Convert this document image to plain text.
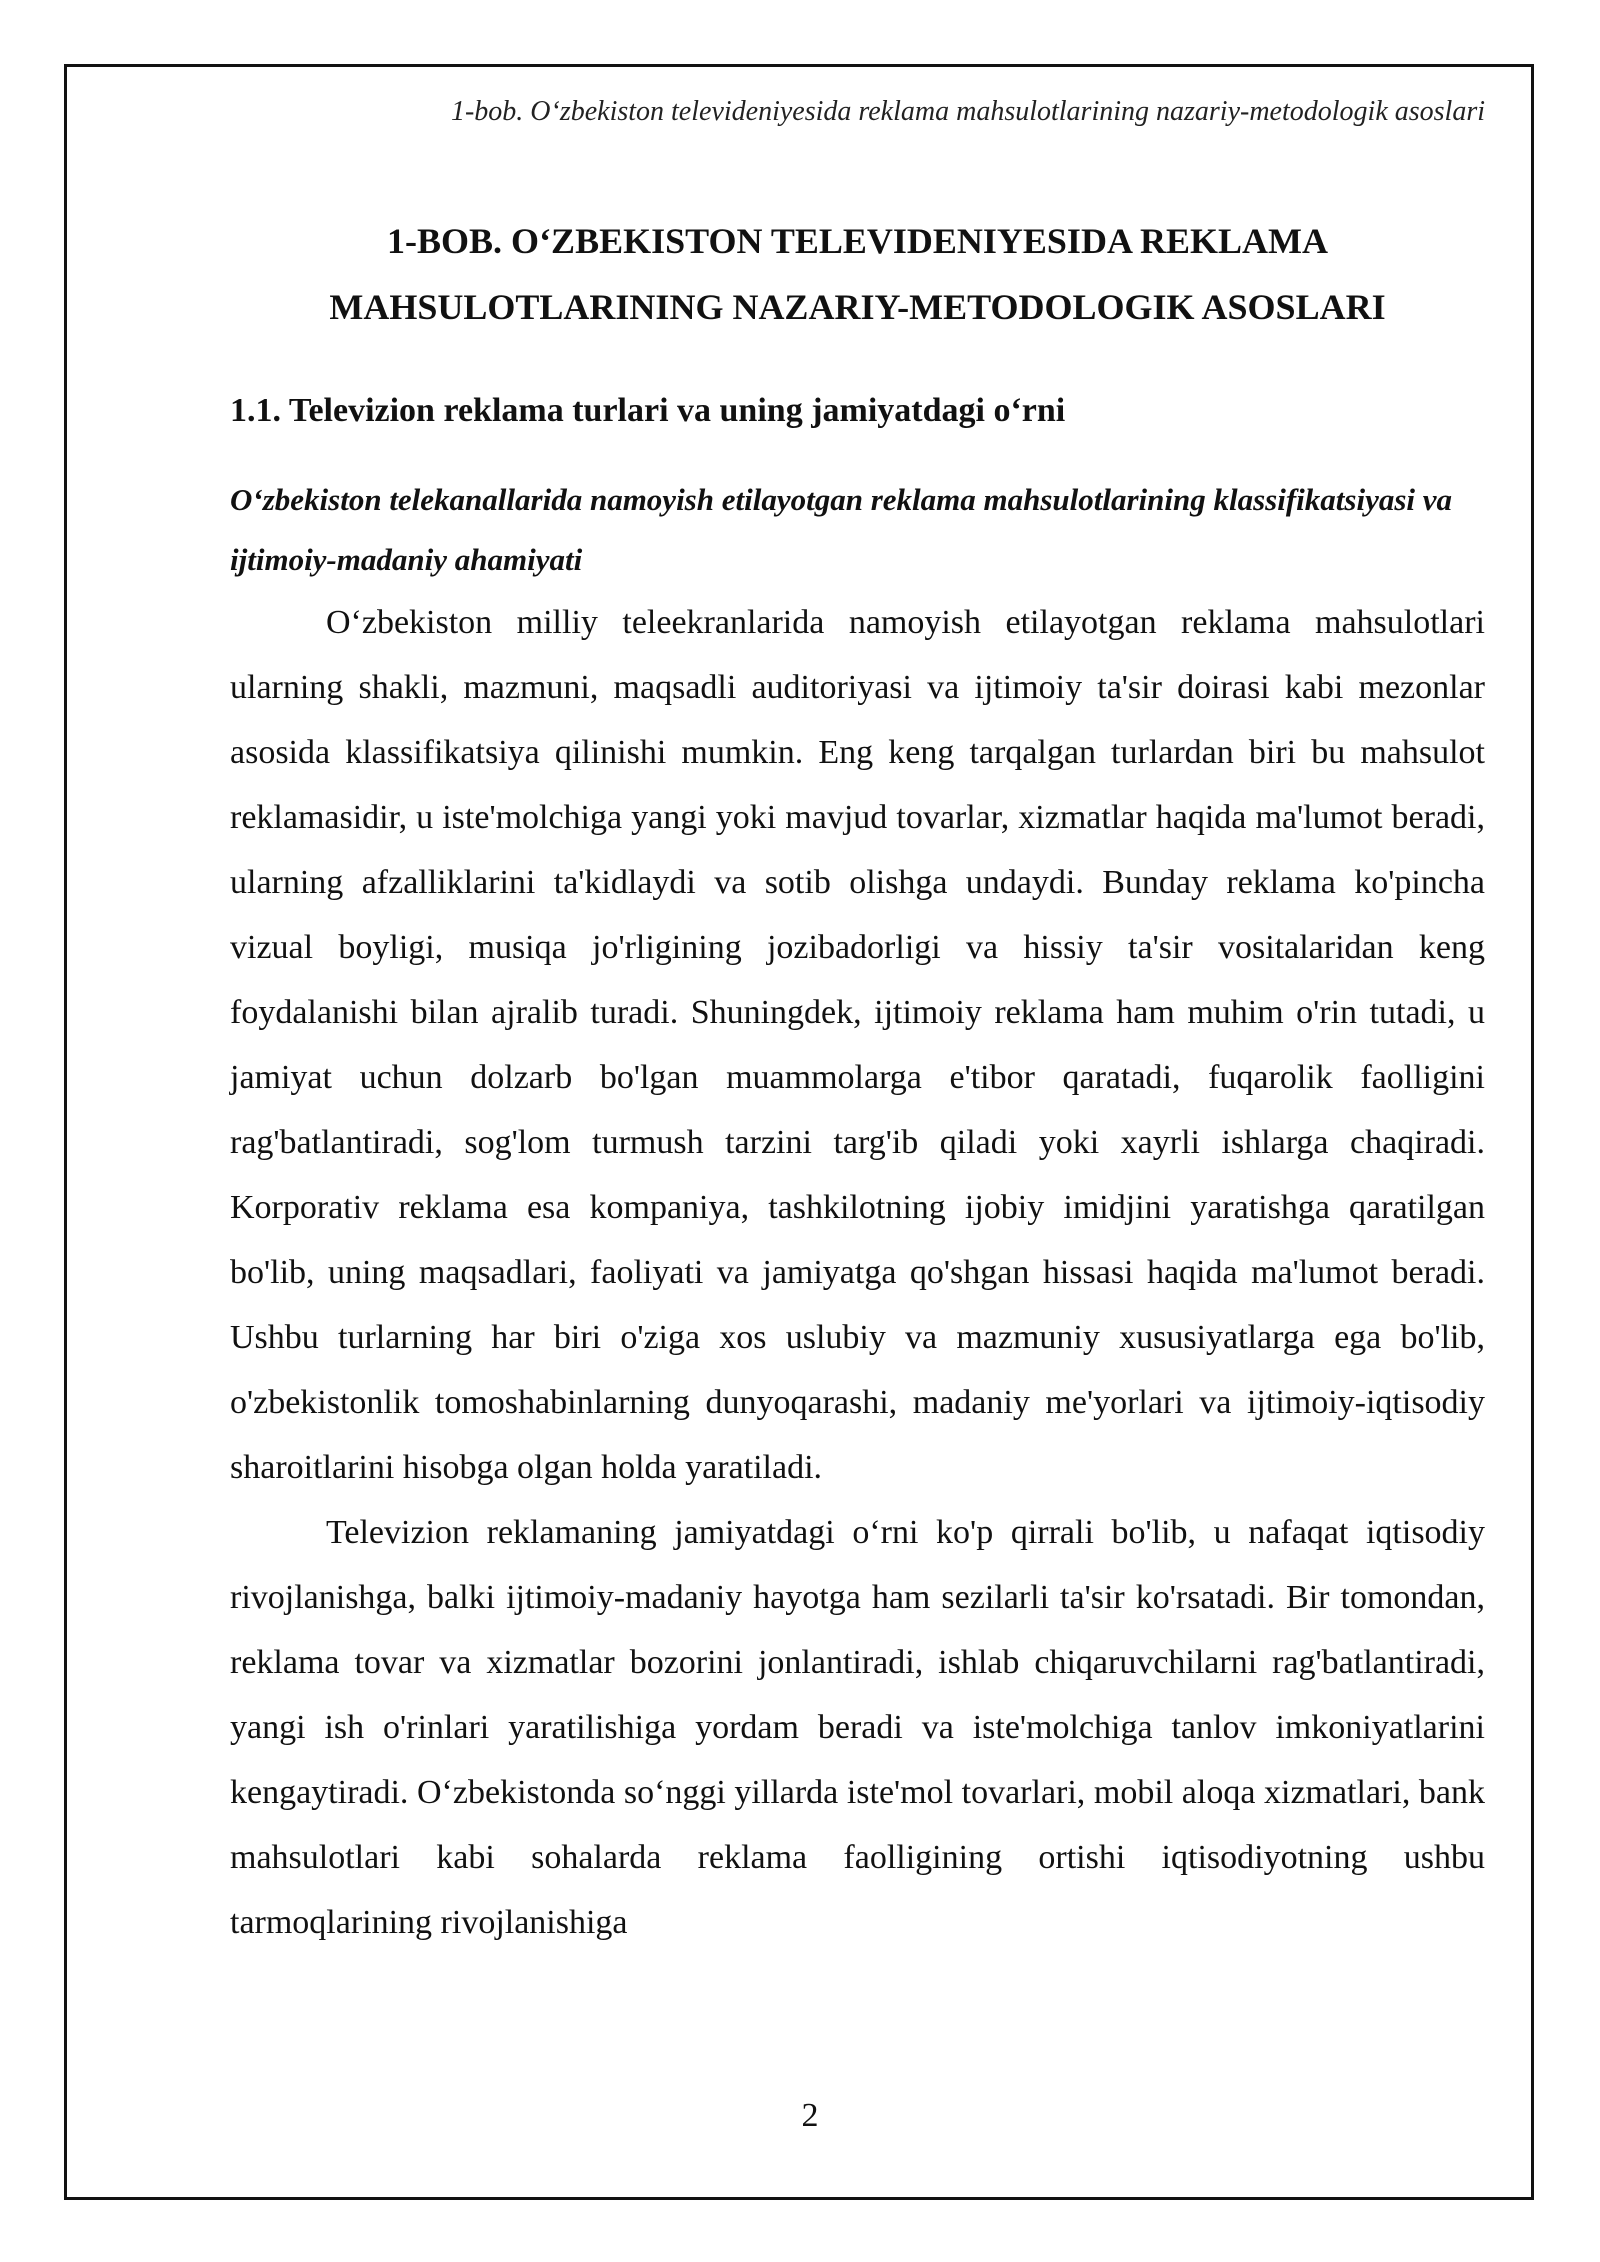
1-bob. O‘zbekiston televideniyesida reklama mahsulotlarining nazariy-metodologik asoslari
1-BOB. O‘ZBEKISTON TELEVIDENIYESIDA REKLAMA
MAHSULOTLARINING NAZARIY-METODOLOGIK ASOSLARI
1.1. Televizion reklama turlari va uning jamiyatdagi o‘rni
O‘zbekiston telekanallarida namoyish etilayotgan reklama mahsulotlarining klassifikatsiyasi va ijtimoiy-madaniy ahamiyati

O‘zbekiston milliy teleekranlarida namoyish etilayotgan reklama mahsulotlari ularning shakli, mazmuni, maqsadli auditoriyasi va ijtimoiy ta'sir doirasi kabi mezonlar asosida klassifikatsiya qilinishi mumkin. Eng keng tarqalgan turlardan biri bu mahsulot reklamasidir, u iste'molchiga yangi yoki mavjud tovarlar, xizmatlar haqida ma'lumot beradi, ularning afzalliklarini ta'kidlaydi va sotib olishga undaydi. Bunday reklama ko'pincha vizual boyligi, musiqa jo'rligining jozibadorligi va hissiy ta'sir vositalaridan keng foydalanishi bilan ajralib turadi. Shuningdek, ijtimoiy reklama ham muhim o'rin tutadi, u jamiyat uchun dolzarb bo'lgan muammolarga e'tibor qaratadi, fuqarolik faolligini rag'batlantiradi, sog'lom turmush tarzini targ'ib qiladi yoki xayrli ishlarga chaqiradi. Korporativ reklama esa kompaniya, tashkilotning ijobiy imidjini yaratishga qaratilgan bo'lib, uning maqsadlari, faoliyati va jamiyatga qo'shgan hissasi haqida ma'lumot beradi. Ushbu turlarning har biri o'ziga xos uslubiy va mazmuniy xususiyatlarga ega bo'lib, o'zbekistonlik tomoshabinlarning dunyoqarashi, madaniy me'yorlari va ijtimoiy-iqtisodiy sharoitlarini hisobga olgan holda yaratiladi.

Televizion reklamaning jamiyatdagi o‘rni ko'p qirrali bo'lib, u nafaqat iqtisodiy rivojlanishga, balki ijtimoiy-madaniy hayotga ham sezilarli ta'sir ko'rsatadi. Bir tomondan, reklama tovar va xizmatlar bozorini jonlantiradi, ishlab chiqaruvchilarni rag'batlantiradi, yangi ish o'rinlari yaratilishiga yordam beradi va iste'molchiga tanlov imkoniyatlarini kengaytiradi. O‘zbekistonda so‘nggi yillarda iste'mol tovarlari, mobil aloqa xizmatlari, bank mahsulotlari kabi sohalarda reklama faolligining ortishi iqtisodiyotning ushbu tarmoqlarining rivojlanishiga

2
